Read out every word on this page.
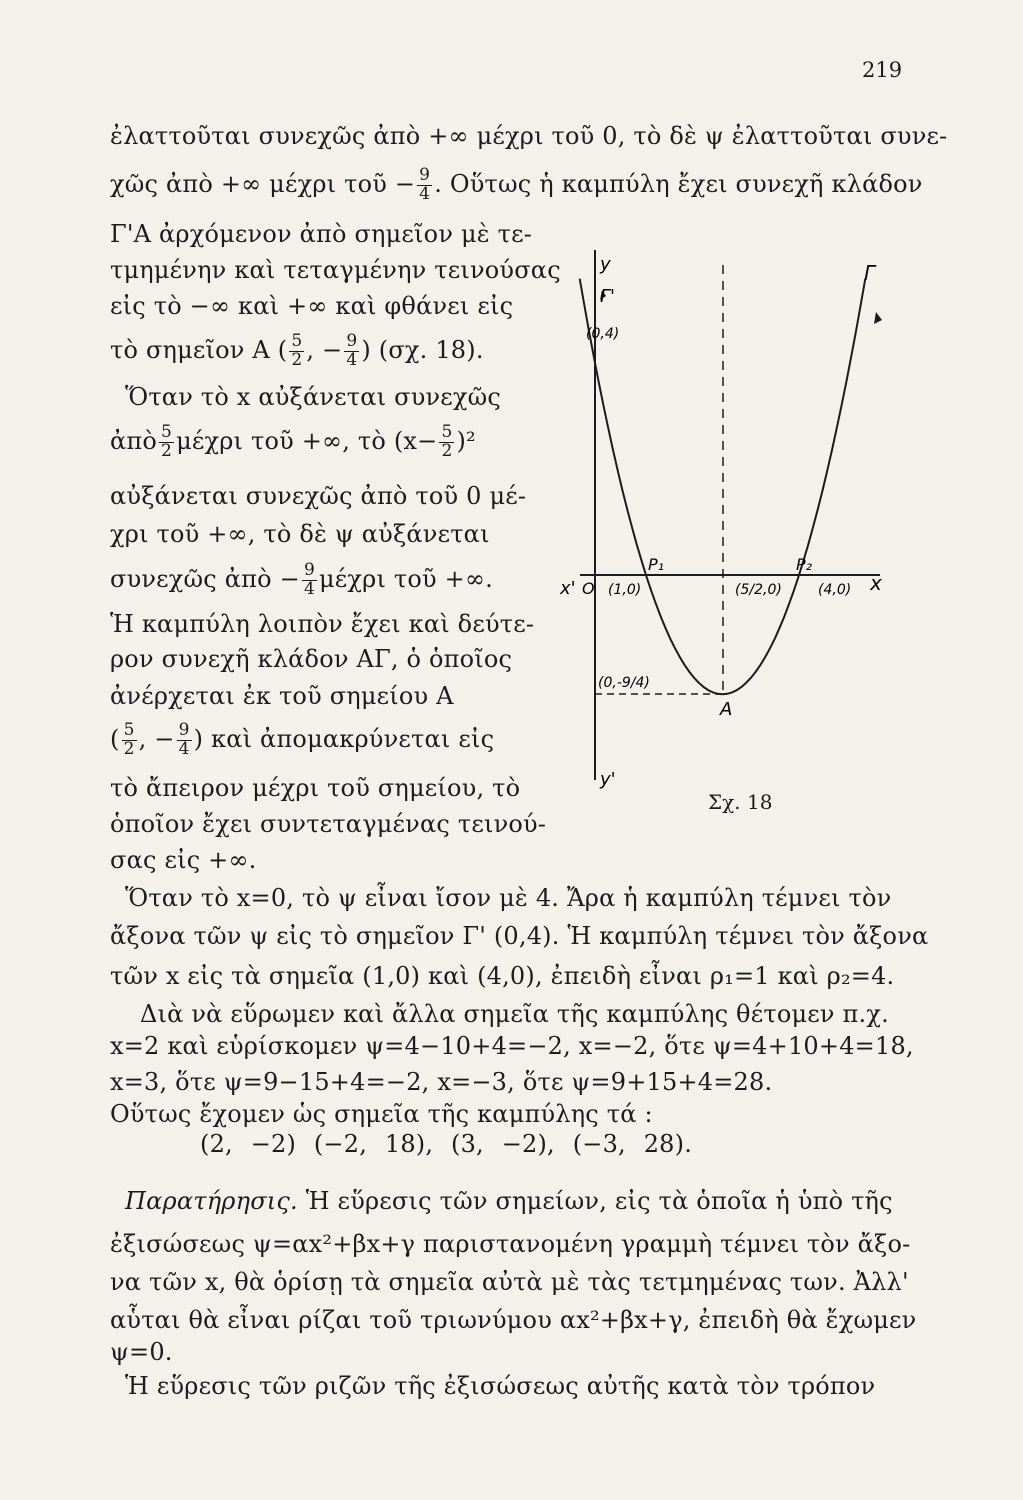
219
ἐλαττοῦται συνεχῶς ἀπὸ +∞ μέχρι τοῦ 0, τὸ δὲ ψ ἐλαττοῦται συνε-
χῶς ἀπὸ +∞ μέχρι τοῦ − $\frac{9}{4}$ . Οὕτως ἡ καμπύλη ἔχει συνεχῆ κλάδον
Γ'Α ἀρχόμενον ἀπὸ σημεῖον μὲ τε-
τμημένην καὶ τεταγμένην τεινούσας
εἰς τὸ −∞ καὶ +∞ καὶ φθάνει εἰς
τὸ σημεῖον Α ( $\frac{5}{2}$ , − $\frac{9}{4}$ ) (σχ. 18).
Ὅταν τὸ x αὐξάνεται συνεχῶς
ἀπὸ $\frac{5}{2}$ μέχρι τοῦ +∞, τὸ $(x- \frac{5}{2} )^2$
αὐξάνεται συνεχῶς ἀπὸ τοῦ 0 μέ-
χρι τοῦ +∞, τὸ δὲ ψ αὐξάνεται
συνεχῶς ἀπὸ − $\frac{9}{4}$ μέχρι τοῦ +∞.
Ἡ καμπύλη λοιπὸν ἔχει καὶ δεύτε-
ρον συνεχῆ κλάδον ΑΓ, ὁ ὁποῖος
ἀνέρχεται ἐκ τοῦ σημείου Α
( $\frac{5}{2}$ , − $\frac{9}{4}$ ) καὶ ἀπομακρύνεται εἰς
τὸ ἄπειρον μέχρι τοῦ σημείου, τὸ
ὁποῖον ἔχει συντεταγμένας τεινού-
σας εἰς +∞.
Ὅταν τὸ x=0, τὸ ψ εἶναι ἴσον μὲ 4. Ἄρα ἡ καμπύλη τέμνει τὸν
ἄξονα τῶν ψ εἰς τὸ σημεῖον Γ' (0,4). Ἡ καμπύλη τέμνει τὸν ἄξονα
τῶν x εἰς τὰ σημεῖα (1,0) καὶ (4,0), ἐπειδὴ εἶναι ρ₁=1 καὶ ρ₂=4.
Διὰ νὰ εὕρωμεν καὶ ἄλλα σημεῖα τῆς καμπύλης θέτομεν π.χ.
x=2 καὶ εὑρίσκομεν ψ=4−10+4=−2, x=−2, ὅτε ψ=4+10+4=18,
x=3, ὅτε ψ=9−15+4=−2, x=−3, ὅτε ψ=9+15+4=28.
Οὕτως ἔχομεν ὡς σημεῖα τῆς καμπύλης τά :
(2, −2) (−2, 18), (3, −2), (−3, 28).
Παρατήρησις. Ἡ εὕρεσις τῶν σημείων, εἰς τὰ ὁποῖα ἡ ὑπὸ τῆς
ἐξισώσεως ψ=αx²+βx+γ παριστανομένη γραμμὴ τέμνει τὸν ἄξο-
να τῶν x, θὰ ὁρίσῃ τὰ σημεῖα αὐτὰ μὲ τὰς τετμημένας των. Ἀλλ'
αὗται θὰ εἶναι ρίζαι τοῦ τριωνύμου αx²+βx+γ, ἐπειδὴ θὰ ἔχωμεν
ψ=0.
Ἡ εὕρεσις τῶν ριζῶν τῆς ἐξισώσεως αὐτῆς κατὰ τὸν τρόπον
y
y'
Γ'
Γ
(0,4)
x
x' O
P₁	P₂
(1,0)	(5/2,0)	(4,0)
(0,-9/4)
A
Σχ. 18
